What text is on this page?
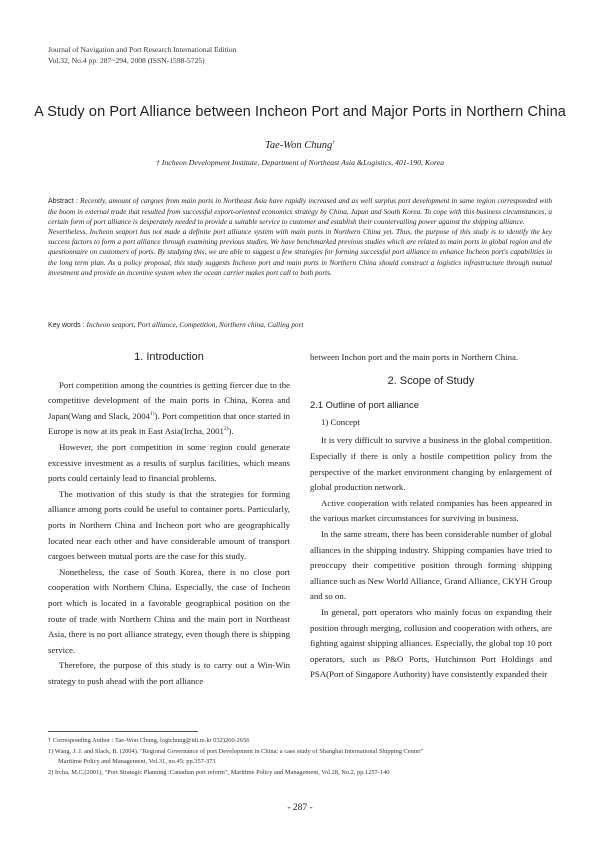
Journal of Navigation and Port Research International Edition
Vol.32, No.4 pp. 287~294, 2008 (ISSN-1598-5725)
A Study on Port Alliance between Incheon Port and Major Ports in Northern China
Tae-Won Chung†
† Incheon Development Institute, Department of Northeast Asia &Logistics, 401-190, Korea

Abstract : Recently, amount of cargoes from main ports in Northeast Asia have rapidly increased and as well surplus port development in same region corresponded with the boom in external trade that resulted from successful export-oriented economics strategy by China, Japan and South Korea. To cope with this business circumstances, a certain form of port alliance is desperately needed to provide a suitable service to customer and establish their countervailing power against the shipping alliance.

Nevertheless, Incheon seaport has not made a definite port alliance system with main ports in Northern China yet. Thus, the purpose of this study is to identify the key success factors to form a port alliance through examining previous studies. We have benchmarked previous studies which are related to main ports in global region and the questionnaire on customers of ports. By studying this, we are able to suggest a few strategies for forming successful port alliance to enhance Incheon port's capabilities in the long term plan. As a policy proposal, this study suggests Incheon port and main ports in Northern China should construct a logistics infrastructure through mutual investment and provide an incentive system when the ocean carrier makes port call to both ports.

Key words : Incheon seaport, Port alliance, Competition, Northern china, Calling port
1. Introduction

Port competition among the countries is getting fiercer due to the competitive development of the main ports in China, Korea and Japan(Wang and Slack, 2004$^{1)}$). Port competition that once started in Europe is now at its peak in East Asia(Ircha, 2001$^{2)}$).

However, the port competition in some region could generate excessive investment as a results of surplus facilities, which means ports could certainly lead to financial problems.

The motivation of this study is that the strategies for forming alliance among ports could be useful to container ports. Particularly, ports in Northern China and Incheon port who are geographically located near each other and have considerable amount of transport cargoes between mutual ports are the case for this study.

Nonetheless, the case of South Korea, there is no close port cooperation with Northern China. Especially, the case of Incheon port which is located in a favorable geographical position on the route of trade with Northern China and the main port in Northeast Asia, there is no port alliance strategy, even though there is shipping service.

Therefore, the purpose of this study is to carry out a Win-Win strategy to push ahead with the port alliance

between Inchon port and the main ports in Northern China.

2. Scope of Study
2.1 Outline of port alliance
1) Concept

It is very difficult to survive a business in the global competition. Especially if there is only a hostile competition policy from the perspective of the market environment changing by enlargement of global production network.

Active cooperation with related companies has been appeared in the various market circumstances for surviving in business.

In the same stream, there has been considerable number of global alliances in the shipping industry. Shipping companies have tried to preoccupy their competitive position through forming shipping alliance such as New World Alliance, Grand Alliance, CKYH Group and so on.

In general, port operators who mainly focus on expanding their position through merging, collusion and cooperation with others, are fighting against shipping alliances. Especially, the global top 10 port operators, such as P&O Ports, Hutchinson Port Holdings and PSA(Port of Singapore Authority) have consistently expanded their

† Corresponding Author : Tae-Won Chung, logichung@idi.re.kr 032)260-2656
1) Wang, J. J. and Slack, B. (2004). "Regional Governance of port Development in China: a case study of Shanghai International Shipping Center"
Maritime Policy and Management, Vol.31, no.45: pp.357-373
2) Ircha, M.C.(2001), "Port Strategic Planning :Canadian port reform", Maritime Policy and Management, Vol.28, No.2, pp.1257-140
- 287 -
